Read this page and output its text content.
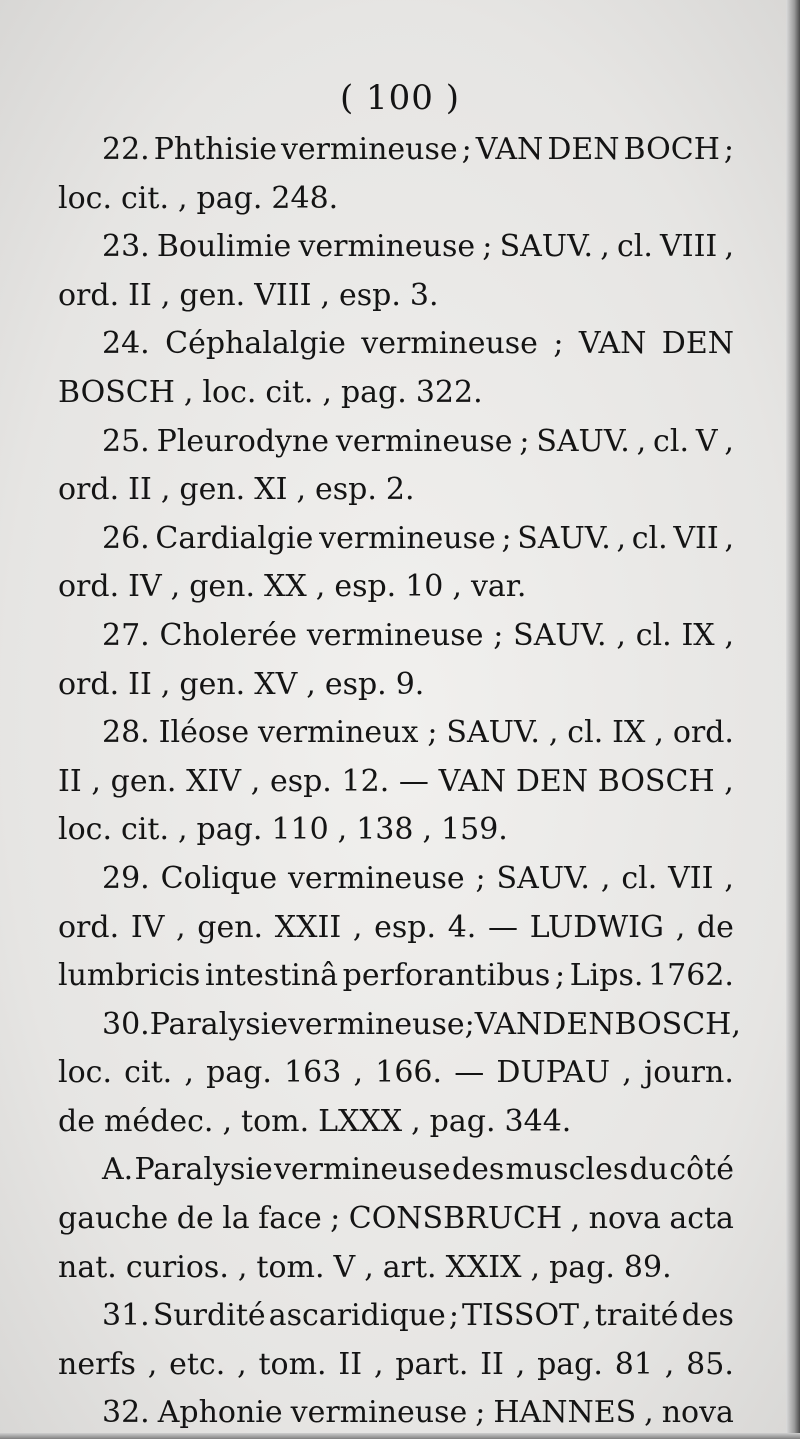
( 100 )
22. Phthisie vermineuse ; VAN DEN BOCH ;
loc. cit. , pag. 248.
23. Boulimie vermineuse ; SAUV. , cl. VIII ,
ord. II , gen. VIII , esp. 3.
24. Céphalalgie vermineuse ; VAN DEN
BOSCH , loc. cit. , pag. 322.
25. Pleurodyne vermineuse ; SAUV. , cl. V ,
ord. II , gen. XI , esp. 2.
26. Cardialgie vermineuse ; SAUV. , cl. VII ,
ord. IV , gen. XX , esp. 10 , var.
27. Cholerée vermineuse ; SAUV. , cl. IX ,
ord. II , gen. XV , esp. 9.
28. Iléose vermineux ; SAUV. , cl. IX , ord.
II , gen. XIV , esp. 12. — VAN DEN BOSCH ,
loc. cit. , pag. 110 , 138 , 159.
29. Colique vermineuse ; SAUV. , cl. VII ,
ord. IV , gen. XXII , esp. 4. — LUDWIG , de
lumbricis intestinâ perforantibus ; Lips. 1762.
30. Paralysie vermineuse ; VAN DEN BOSCH ,
loc. cit. , pag. 163 , 166. — DUPAU , journ.
de médec. , tom. LXXX , pag. 344.
A. Paralysie vermineuse des muscles du côté
gauche de la face ; CONSBRUCH , nova acta
nat. curios. , tom. V , art. XXIX , pag. 89.
31. Surdité ascaridique ; TISSOT , traité des
nerfs , etc. , tom. II , part. II , pag. 81 , 85.
32. Aphonie vermineuse ; HANNES , nova
